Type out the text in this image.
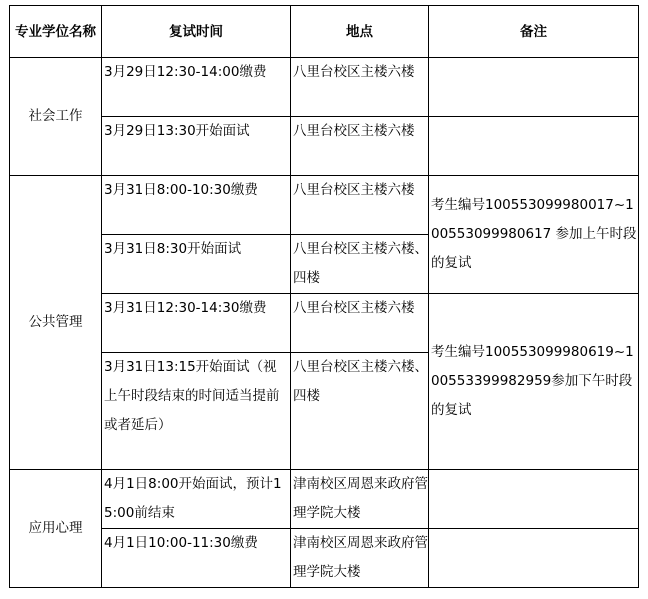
专业学位名称	复试时间	地点	备注
社会工作	3月29日12:30-14:00缴费	八里台校区主楼六楼	
	3月29日13:30开始面试	八里台校区主楼六楼	
公共管理	3月31日8:00-10:30缴费	八里台校区主楼六楼	考生编号100553099980017~100553099980617 参加上午时段的复试
	3月31日8:30开始面试	八里台校区主楼六楼、四楼	
	3月31日12:30-14:30缴费	八里台校区主楼六楼	考生编号100553099980619~100553399982959参加下午时段的复试
	3月31日13:15开始面试（视上午时段结束的时间适当提前或者延后）	八里台校区主楼六楼、四楼	
应用心理	4月1日8:00开始面试，预计15:00前结束	津南校区周恩来政府管理学院大楼	
	4月1日10:00-11:30缴费	津南校区周恩来政府管理学院大楼	
